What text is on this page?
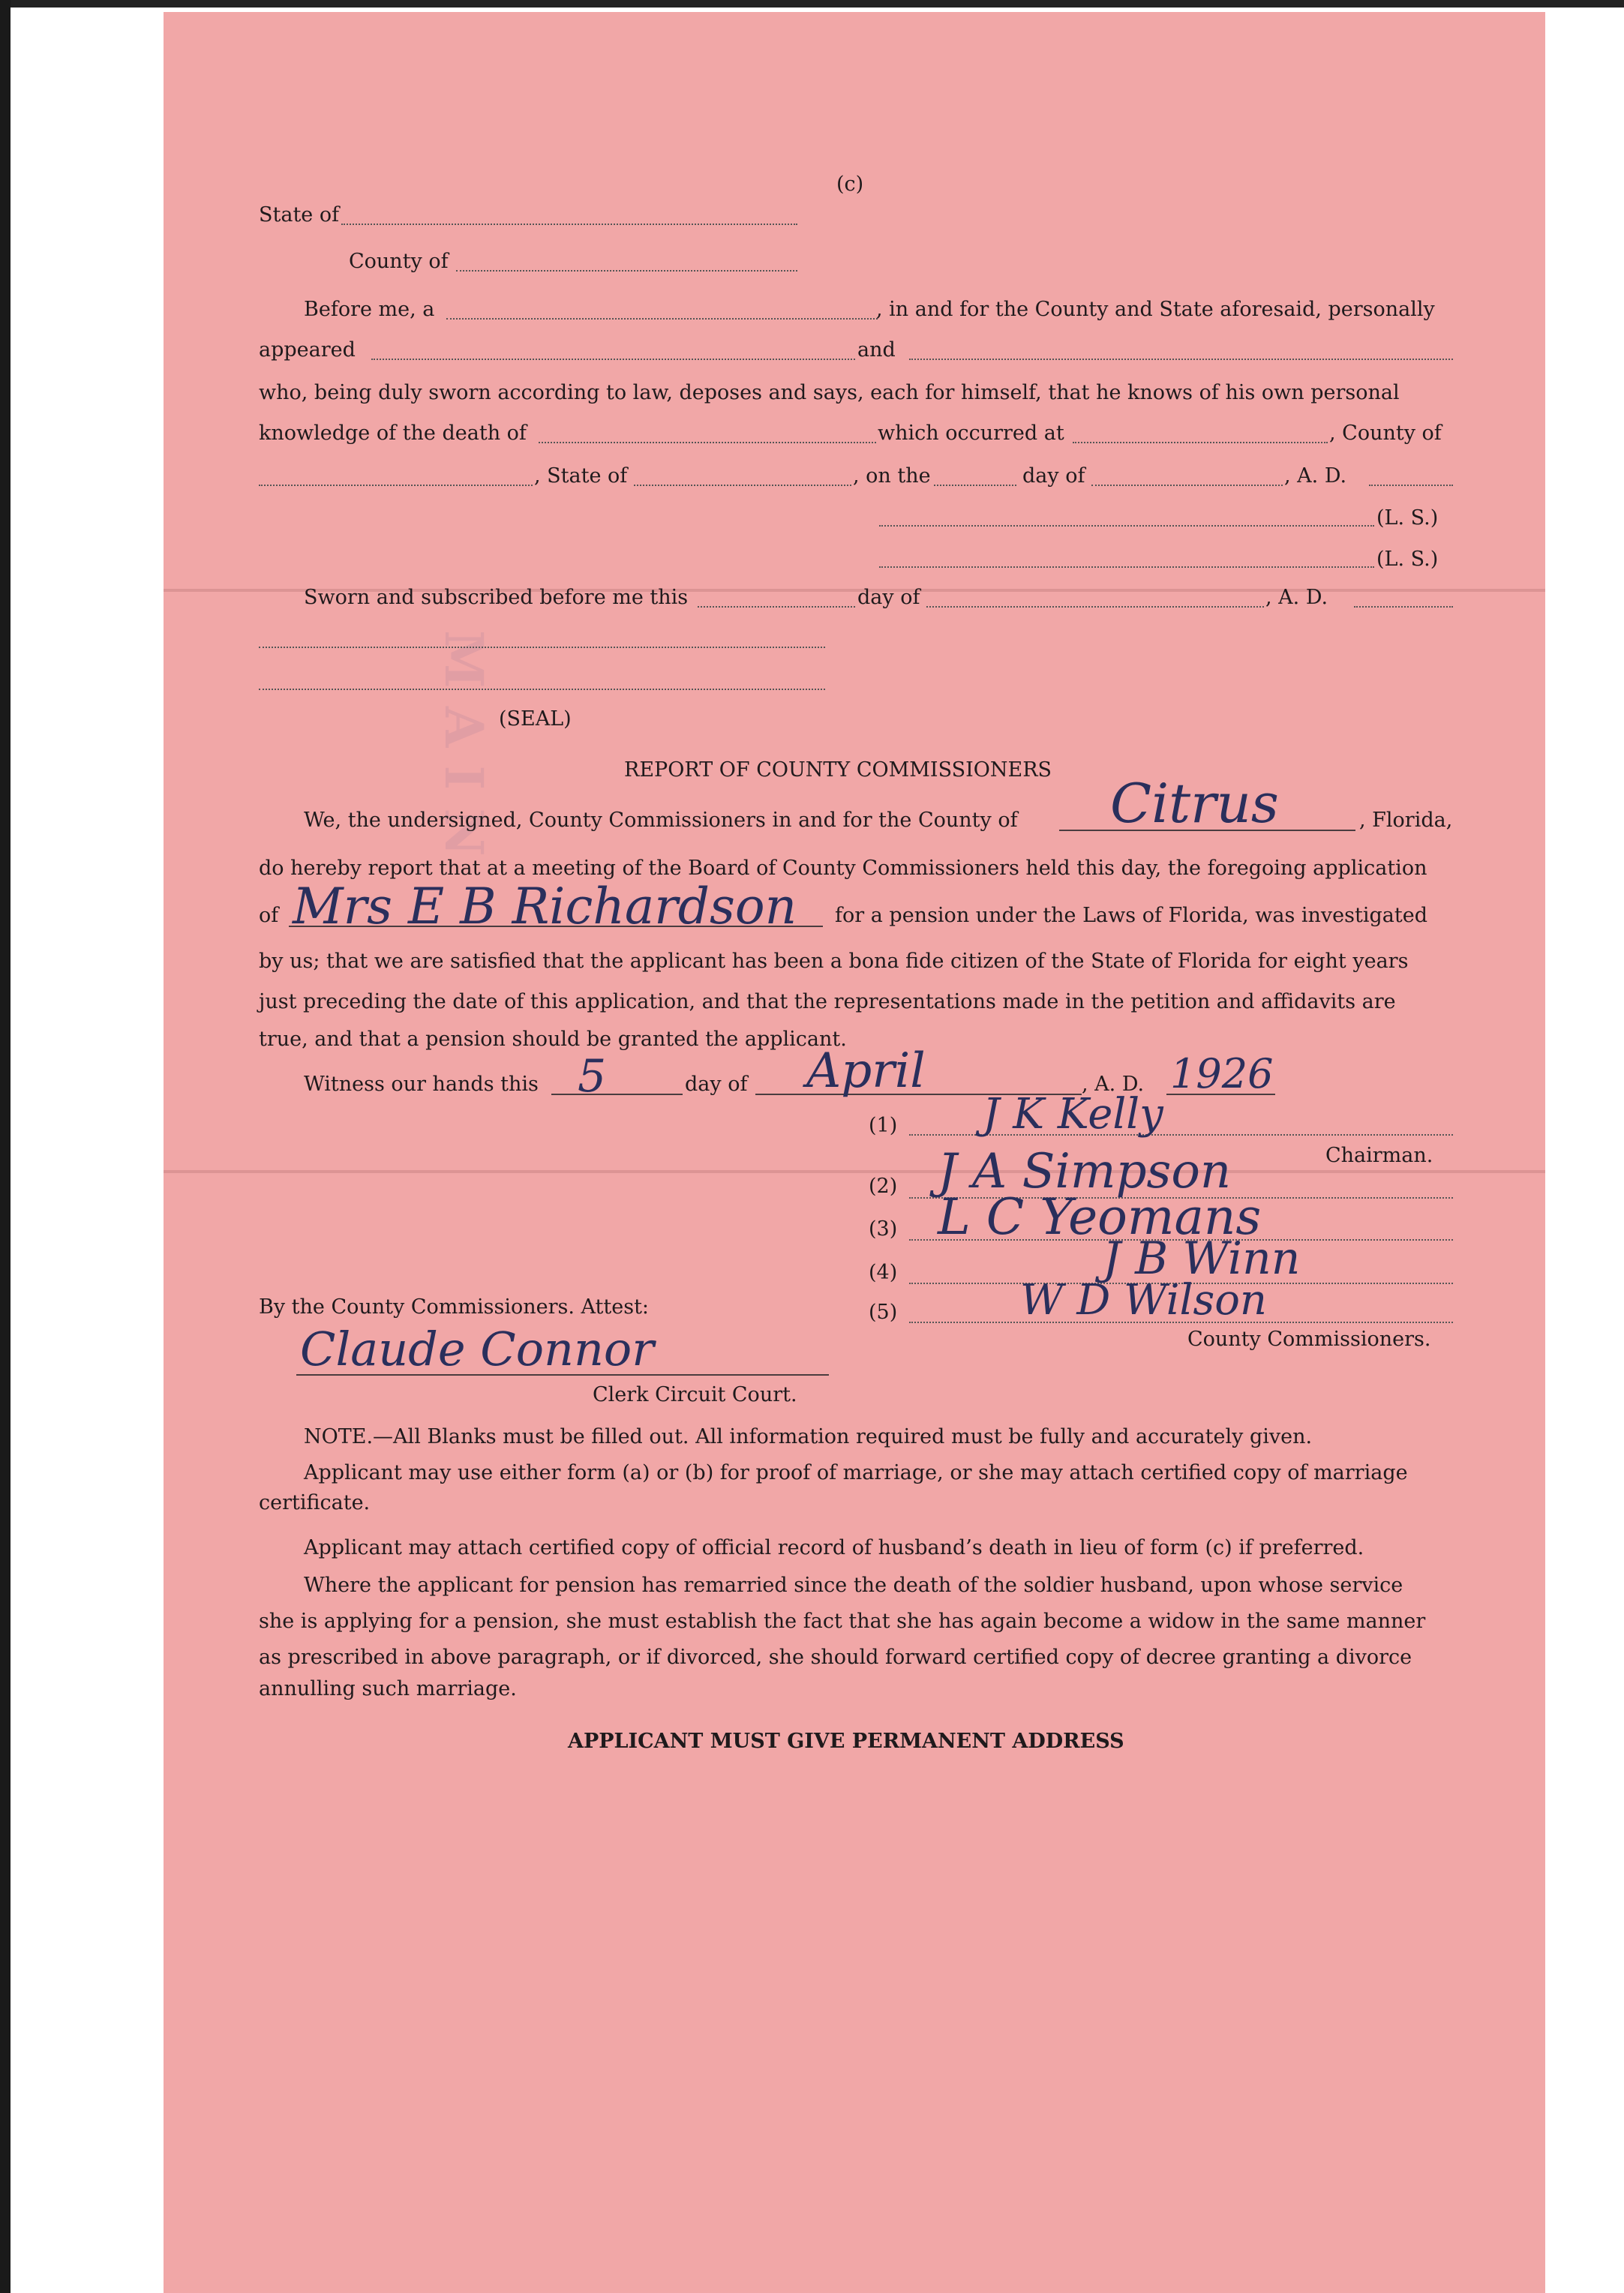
M A I N
(c)
State of
County of
Before me, a	, in and for the County and State aforesaid, personally
appeared	and
who, being duly sworn according to law, deposes and says, each for himself, that he knows of his own personal
knowledge of the death of	which occurred at	, County of
, State of	, on the	day of	, A. D.
(L. S.)
(L. S.)
Sworn and subscribed before me this	day of	, A. D.
(SEAL)
REPORT OF COUNTY COMMISSIONERS
We, the undersigned, County Commissioners in and for the County of Citrus	, Florida,
do hereby report that at a meeting of the Board of County Commissioners held this day, the foregoing application
of Mrs E B Richardson for a pension under the Laws of Florida, was investigated
by us; that we are satisfied that the applicant has been a bona fide citizen of the State of Florida for eight years
just preceding the date of this application, and that the representations made in the petition and affidavits are
true, and that a pension should be granted the applicant.
Witness our hands this 5	day of April	, A. D. 1926
(1) J K Kelly
Chairman.
(2) J A Simpson
(3) L C Yeomans
(4)	J B Winn
By the County Commissioners. Attest:	(5)	W D Wilson
County Commissioners.
Claude Connor
Clerk Circuit Court.
NOTE.—All Blanks must be filled out. All information required must be fully and accurately given.
Applicant may use either form (a) or (b) for proof of marriage, or she may attach certified copy of marriage
certificate.
Applicant may attach certified copy of official record of husband’s death in lieu of form (c) if preferred.
Where the applicant for pension has remarried since the death of the soldier husband, upon whose service
she is applying for a pension, she must establish the fact that she has again become a widow in the same manner
as prescribed in above paragraph, or if divorced, she should forward certified copy of decree granting a divorce
annulling such marriage.
APPLICANT MUST GIVE PERMANENT ADDRESS
